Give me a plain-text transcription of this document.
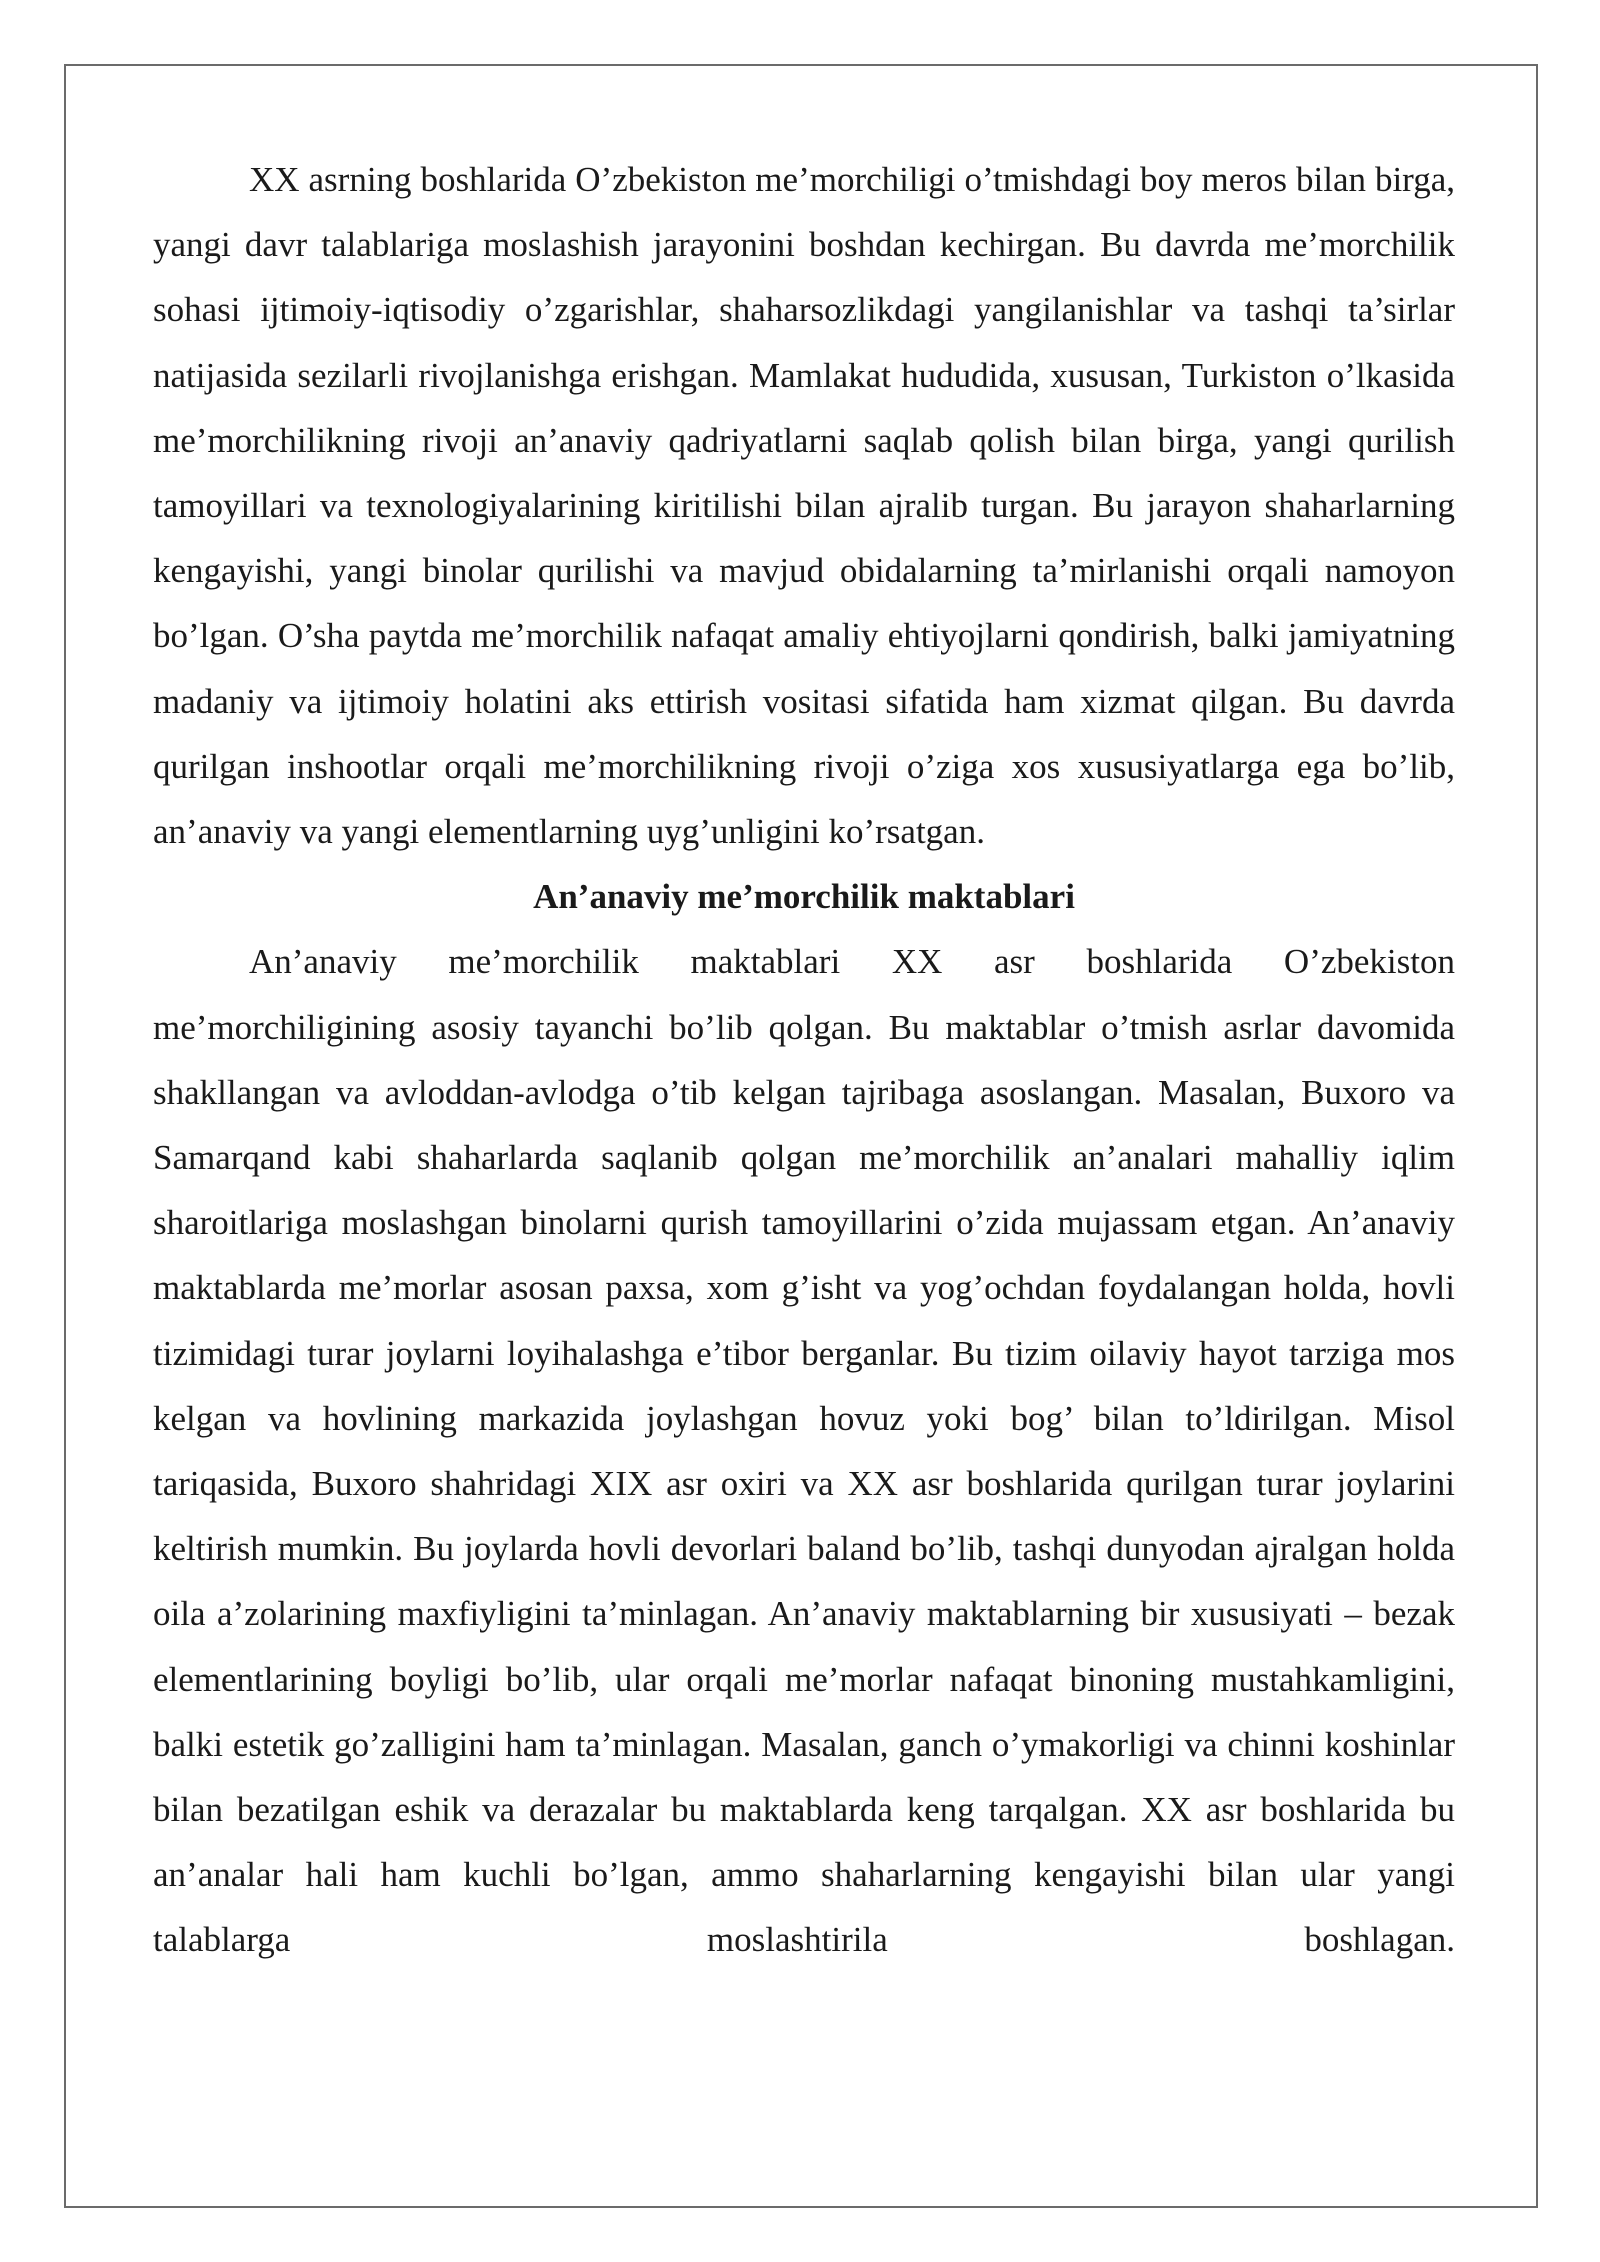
XX asrning boshlarida O’zbekiston me’morchiligi o’tmishdagi boy meros bilan birga, yangi davr talablariga moslashish jarayonini boshdan kechirgan. Bu davrda me’morchilik sohasi ijtimoiy-iqtisodiy o’zgarishlar, shaharsozlikdagi yangilanishlar va tashqi ta’sirlar natijasida sezilarli rivojlanishga erishgan. Mamlakat hududida, xususan, Turkiston o’lkasida me’morchilikning rivoji an’anaviy qadriyatlarni saqlab qolish bilan birga, yangi qurilish tamoyillari va texnologiyalarining kiritilishi bilan ajralib turgan. Bu jarayon shaharlarning kengayishi, yangi binolar qurilishi va mavjud obidalarning ta’mirlanishi orqali namoyon bo’lgan. O’sha paytda me’morchilik nafaqat amaliy ehtiyojlarni qondirish, balki jamiyatning madaniy va ijtimoiy holatini aks ettirish vositasi sifatida ham xizmat qilgan. Bu davrda qurilgan inshootlar orqali me’morchilikning rivoji o’ziga xos xususiyatlarga ega bo’lib, an’anaviy va yangi elementlarning uyg’unligini ko’rsatgan.

An’anaviy me’morchilik maktablari

An’anaviy me’morchilik maktablari XX asr boshlarida O’zbekiston me’morchiligining asosiy tayanchi bo’lib qolgan. Bu maktablar o’tmish asrlar davomida shakllangan va avloddan-avlodga o’tib kelgan tajribaga asoslangan. Masalan, Buxoro va Samarqand kabi shaharlarda saqlanib qolgan me’morchilik an’analari mahalliy iqlim sharoitlariga moslashgan binolarni qurish tamoyillarini o’zida mujassam etgan. An’anaviy maktablarda me’morlar asosan paxsa, xom g’isht va yog’ochdan foydalangan holda, hovli tizimidagi turar joylarni loyihalashga e’tibor berganlar. Bu tizim oilaviy hayot tarziga mos kelgan va hovlining markazida joylashgan hovuz yoki bog’ bilan to’ldirilgan. Misol tariqasida, Buxoro shahridagi XIX asr oxiri va XX asr boshlarida qurilgan turar joylarini keltirish mumkin. Bu joylarda hovli devorlari baland bo’lib, tashqi dunyodan ajralgan holda oila a’zolarining maxfiyligini ta’minlagan. An’anaviy maktablarning bir xususiyati – bezak elementlarining boyligi bo’lib, ular orqali me’morlar nafaqat binoning mustahkamligini, balki estetik go’zalligini ham ta’minlagan. Masalan, ganch o’ymakorligi va chinni koshinlar bilan bezatilgan eshik va derazalar bu maktablarda keng tarqalgan. XX asr boshlarida bu an’analar hali ham kuchli bo’lgan, ammo shaharlarning kengayishi bilan ular yangi talablarga moslashtirila boshlagan.
